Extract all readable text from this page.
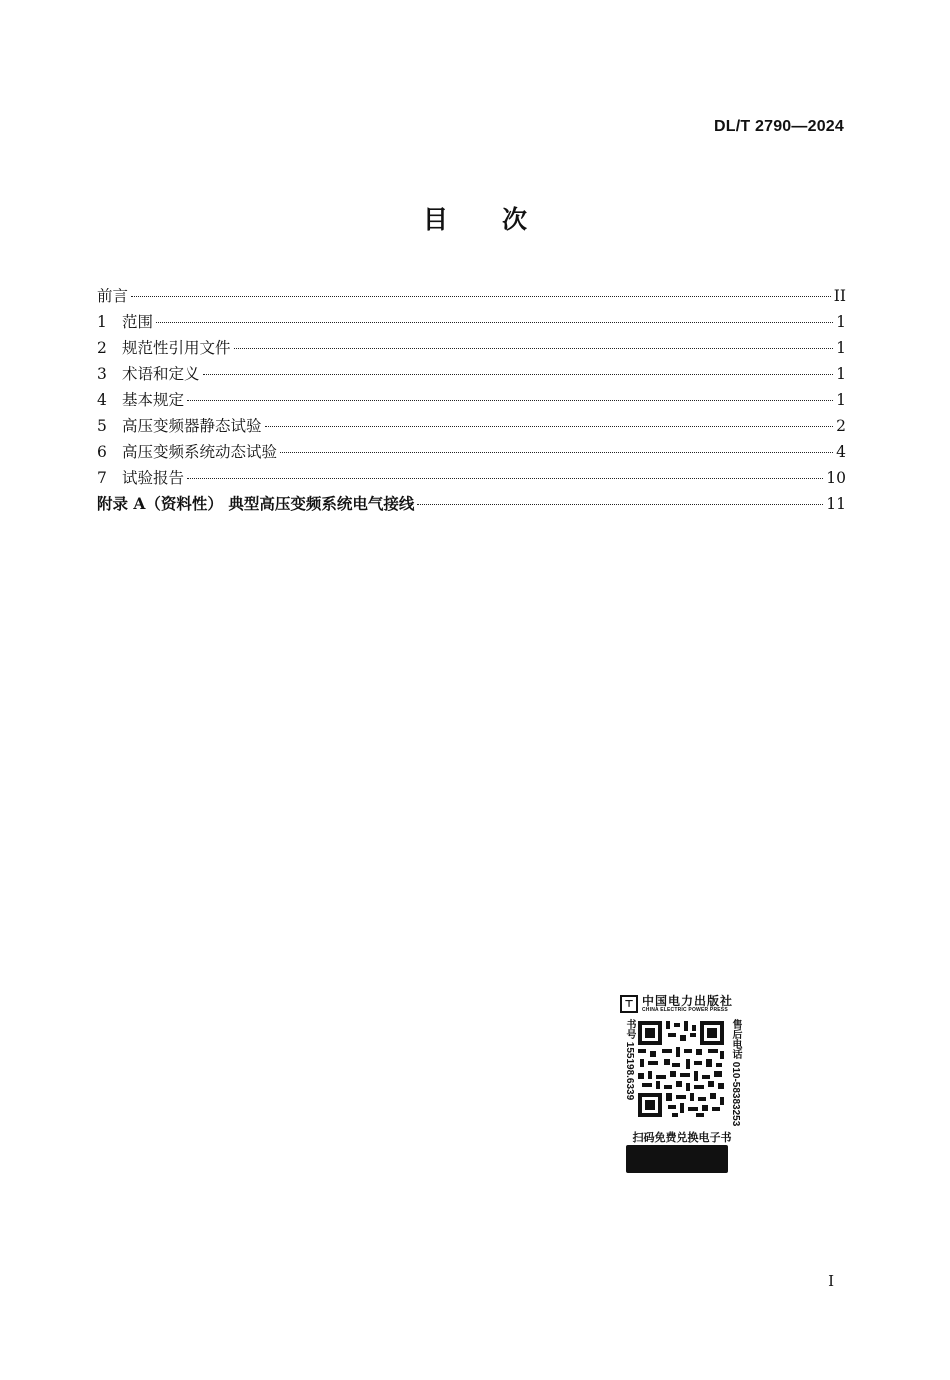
DL/T 2790—2024
目 次
前言	II
1 范围	1
2 规范性引用文件	1
3 术语和定义	1
4 基本规定	1
5 高压变频器静态试验	2
6 高压变频系统动态试验	4
7 试验报告	10
附录 A（资料性） 典型高压变频系统电气接线	11
⊤ 中国电力出版社
CHINA ELECTRIC POWER PRESS
书号 155198.6339	售后电话 010-58383253
扫码免费兑换电子书
I
